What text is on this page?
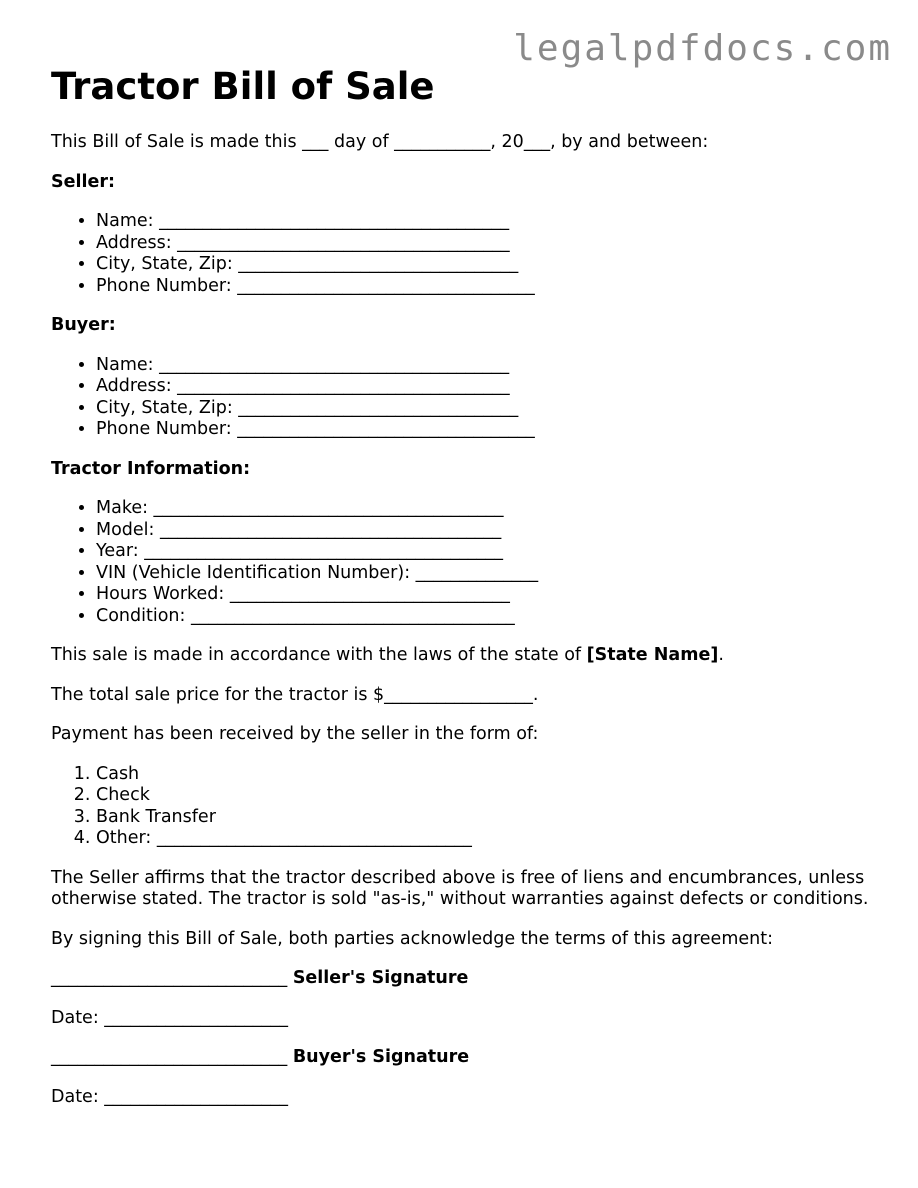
legalpdfdocs.com
Tractor Bill of Sale

This Bill of Sale is made this ___ day of ___________, 20___, by and between:

Seller:

• Name: ________________________________________
• Address: ______________________________________
• City, State, Zip: ________________________________
• Phone Number: __________________________________

Buyer:

• Name: ________________________________________
• Address: ______________________________________
• City, State, Zip: ________________________________
• Phone Number: __________________________________

Tractor Information:

• Make: ________________________________________
• Model: _______________________________________
• Year: _________________________________________
• VIN (Vehicle Identification Number): ______________
• Hours Worked: ________________________________
• Condition: _____________________________________

This sale is made in accordance with the laws of the state of [State Name].

The total sale price for the tractor is $_________________.

Payment has been received by the seller in the form of:

1. Cash
2. Check
3. Bank Transfer
4. Other: ____________________________________

The Seller affirms that the tractor described above is free of liens and encumbrances, unless otherwise stated. The tractor is sold "as-is," without warranties against defects or conditions.

By signing this Bill of Sale, both parties acknowledge the terms of this agreement:

___________________________ Seller's Signature

Date: _____________________

___________________________ Buyer's Signature

Date: _____________________
